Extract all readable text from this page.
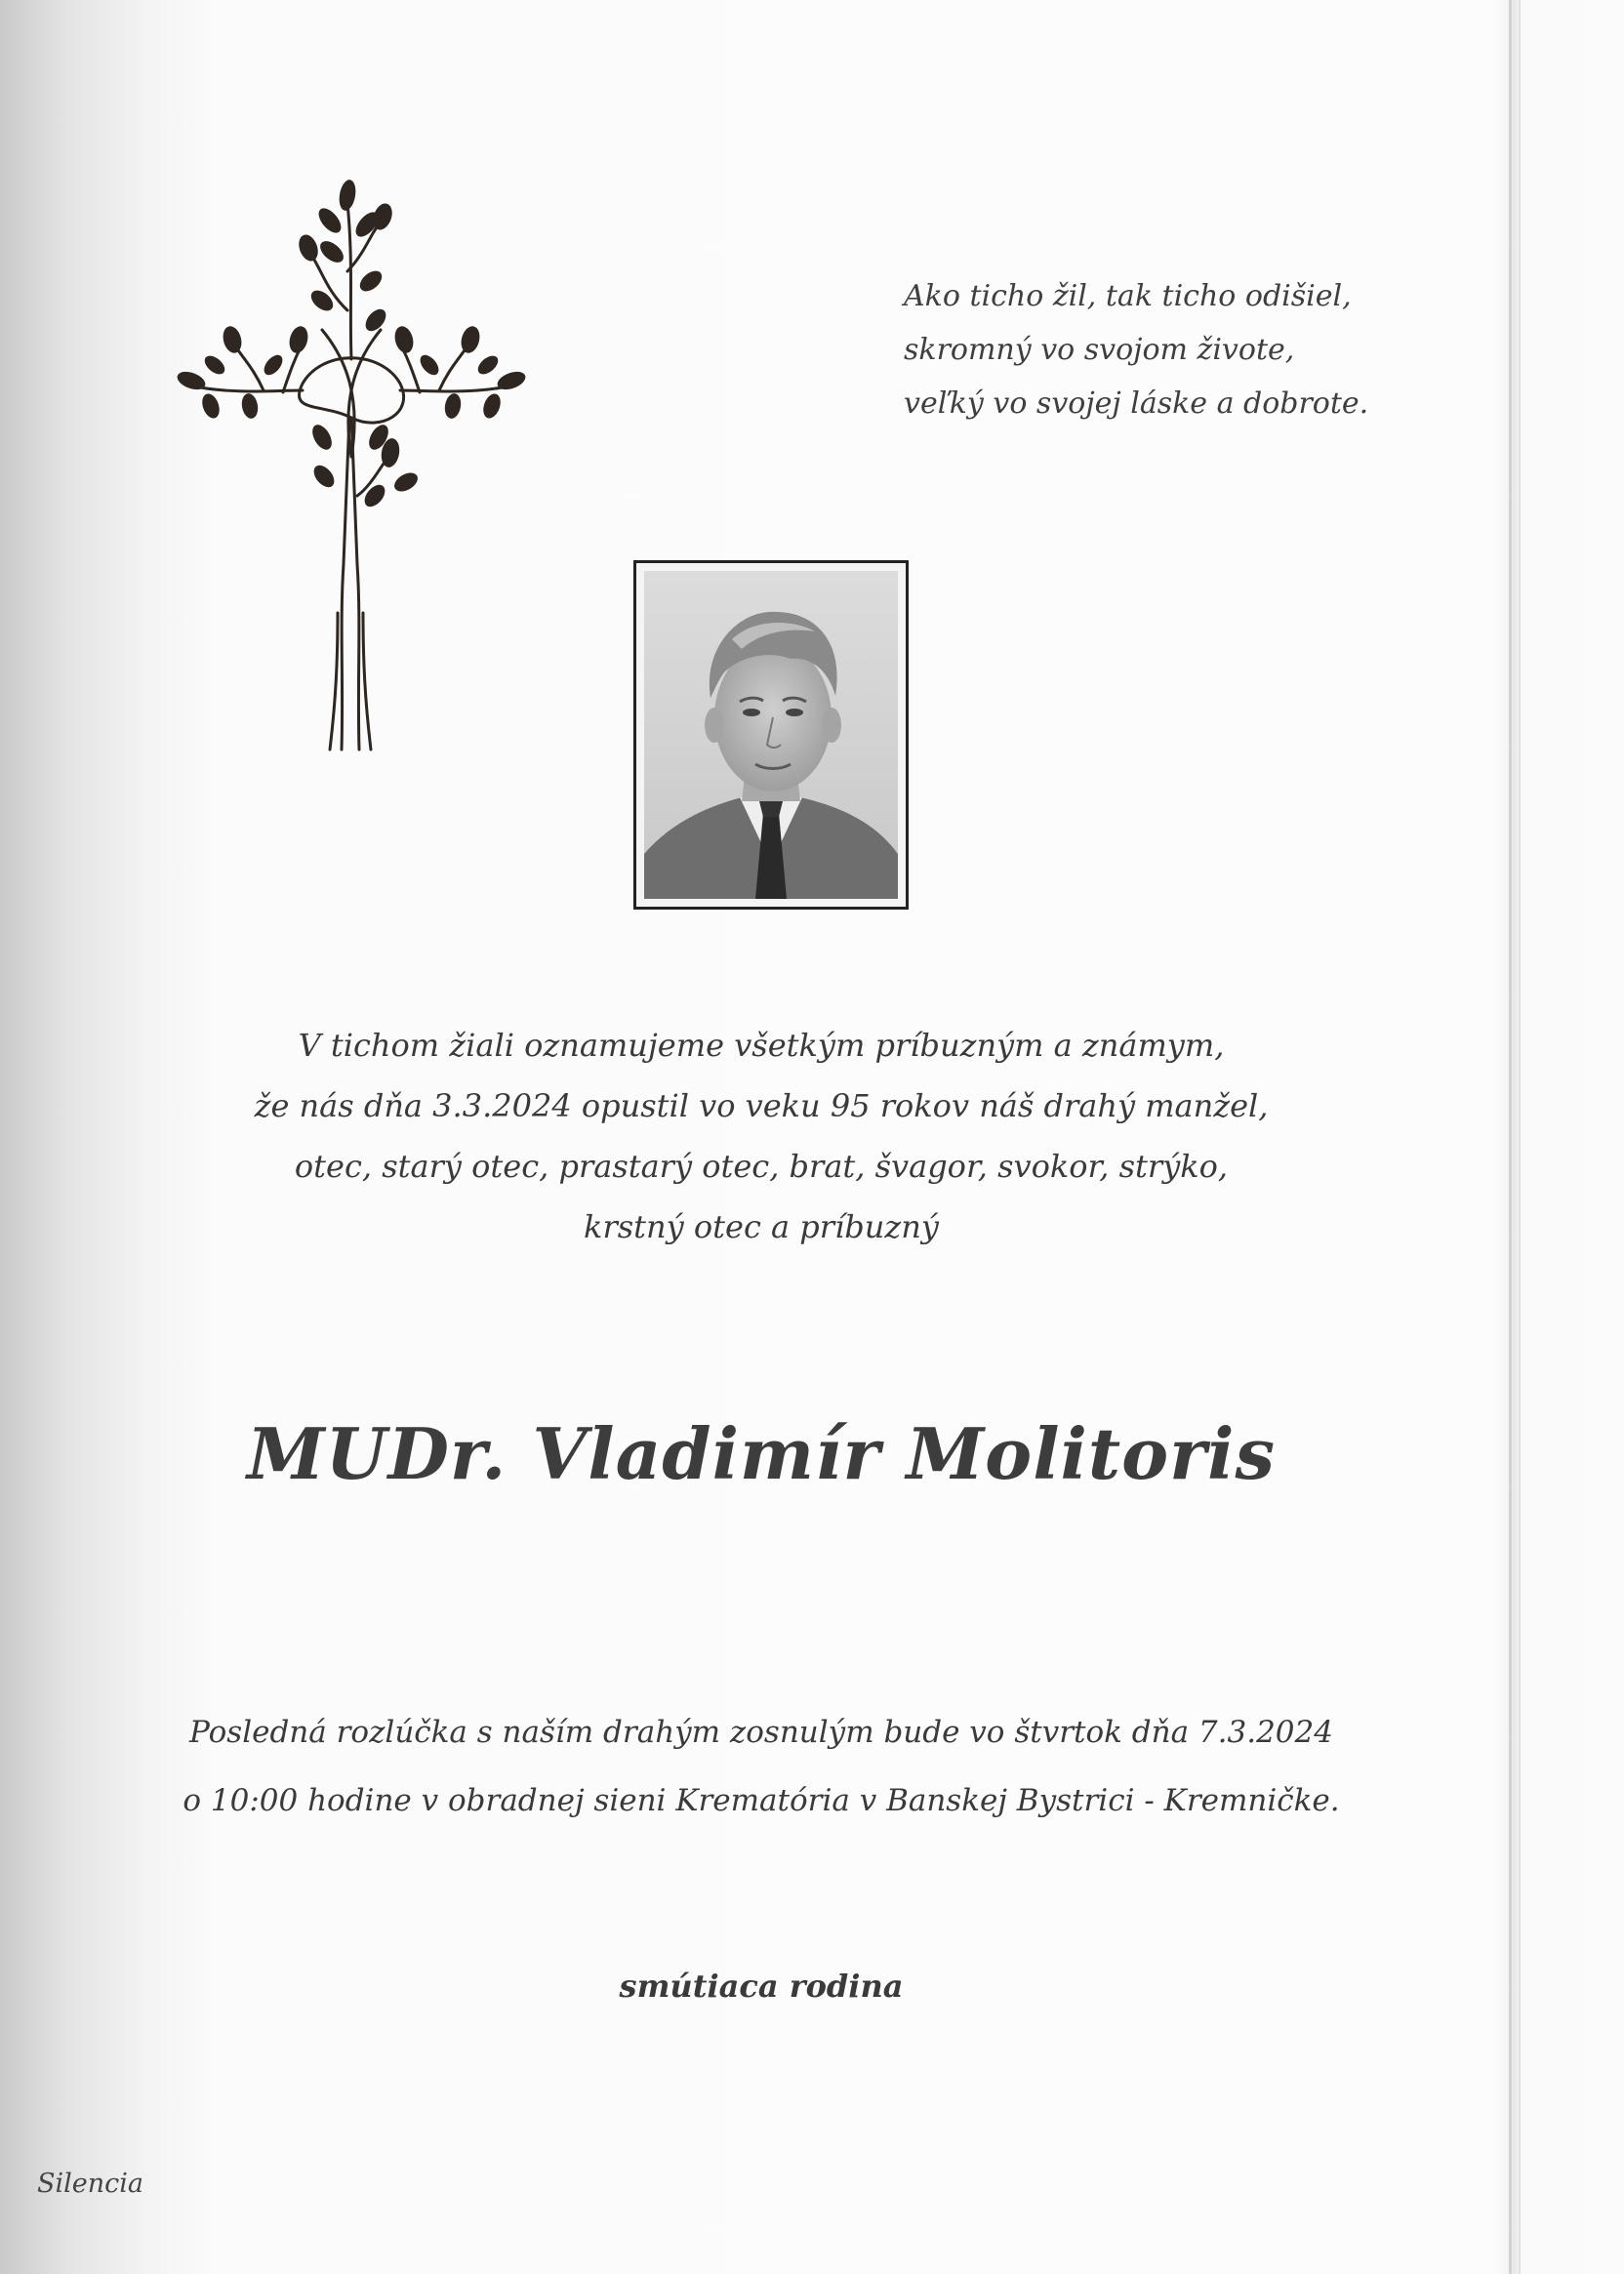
Ako ticho žil, tak ticho odišiel,
skromný vo svojom živote,
veľký vo svojej láske a dobrote.

V tichom žiali oznamujeme všetkým príbuzným a známym,
že nás dňa 3.3.2024 opustil vo veku 95 rokov náš drahý manžel,
otec, starý otec, prastarý otec, brat, švagor, svokor, strýko,
krstný otec a príbuzný

MUDr. Vladimír Molitoris

Posledná rozlúčka s naším drahým zosnulým bude vo štvrtok dňa 7.3.2024
o 10:00 hodine v obradnej sieni Krematória v Banskej Bystrici - Kremničke.

smútiaca rodina

Silencia
